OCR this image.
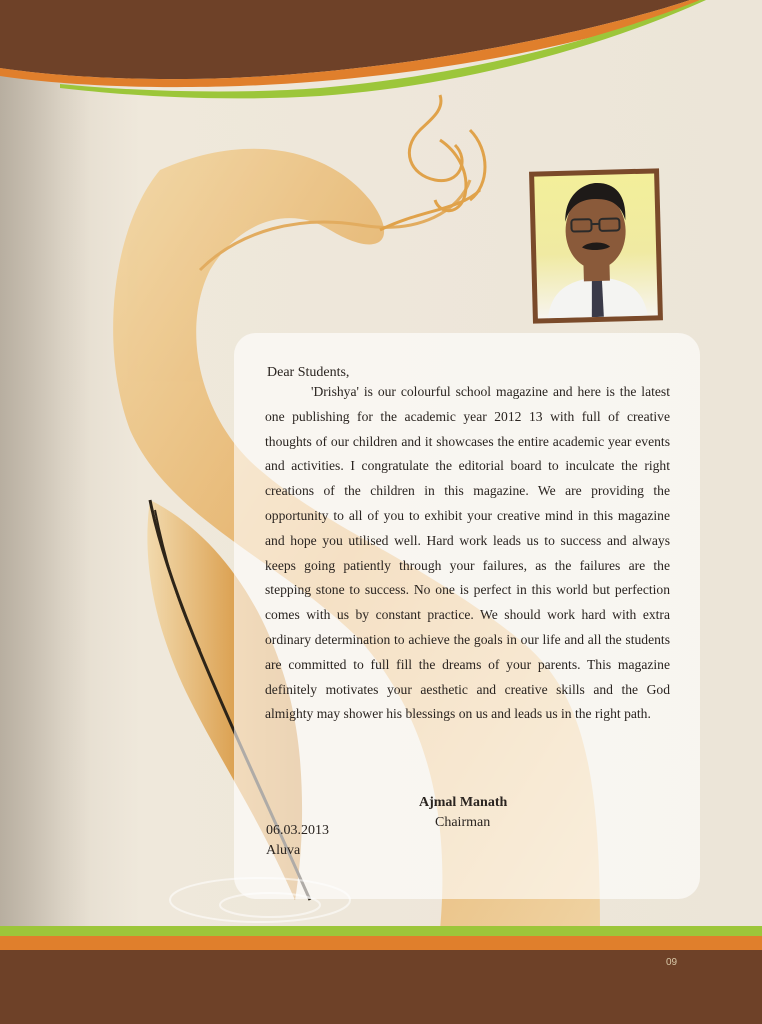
Dear Students,

'Drishya' is our colourful school magazine and here is the latest one publishing for the academic year 2012 13 with full of creative thoughts of our children and it showcases the entire academic year events and activities. I congratulate the editorial board to inculcate the right creations of the children in this magazine. We are providing the opportunity to all of you to exhibit your creative mind in this magazine and hope you utilised well. Hard work leads us to success and always keeps going patiently through your failures, as the failures are the stepping stone to success. No one is perfect in this world but perfection comes with us by constant practice. We should work hard with extra ordinary determination to achieve the goals in our life and all the students are committed to full fill the dreams of your parents. This magazine definitely motivates your aesthetic and creative skills and the God almighty may shower his blessings on us and leads us in the right path.

Ajmal Manath
Chairman
06.03.2013
Aluva
09
